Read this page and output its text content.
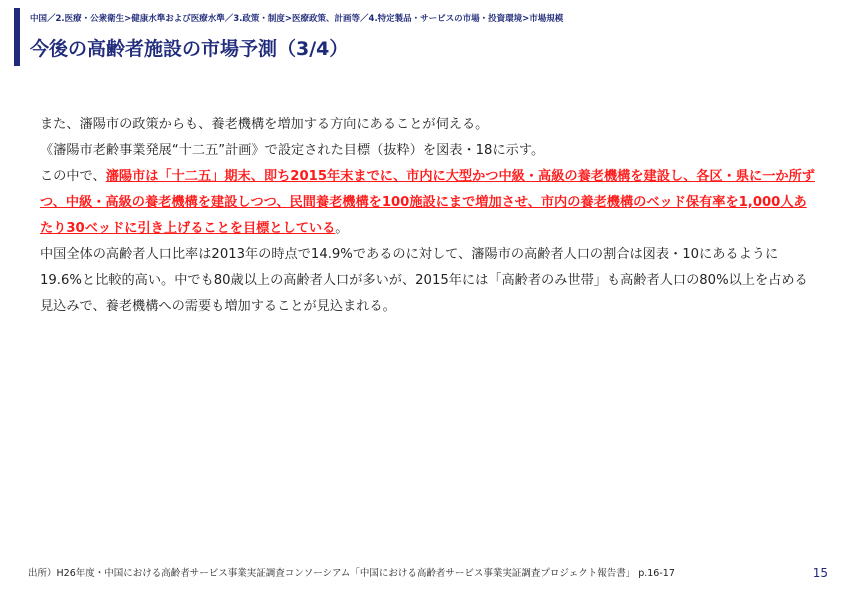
中国／2.医療・公衆衛生>健康水準および医療水準／3.政策・制度>医療政策、計画等／4.特定製品・サービスの市場・投資環境>市場規模
今後の高齢者施設の市場予測（3/4）

また、瀋陽市の政策からも、養老機構を増加する方向にあることが伺える。

《瀋陽市老齢事業発展“十二五”計画》で設定された目標（抜粋）を図表・18に示す。

この中で、瀋陽市は「十二五」期末、即ち2015年末までに、市内に大型かつ中級・高級の養老機構を建設し、各区・県に一か所ずつ、中級・高級の養老機構を建設しつつ、民間養老機構を100施設にまで増加させ、市内の養老機構のベッド保有率を1,000人あたり30ベッドに引き上げることを目標としている。

中国全体の高齢者人口比率は2013年の時点で14.9%であるのに対して、瀋陽市の高齢者人口の割合は図表・10にあるように19.6%と比較的高い。中でも80歳以上の高齢者人口が多いが、2015年には「高齢者のみ世帯」も高齢者人口の80%以上を占める見込みで、養老機構への需要も増加することが見込まれる。

出所）H26年度・中国における高齢者サービス事業実証調査コンソーシアム「中国における高齢者サービス事業実証調査プロジェクト報告書」 p.16-17	15
